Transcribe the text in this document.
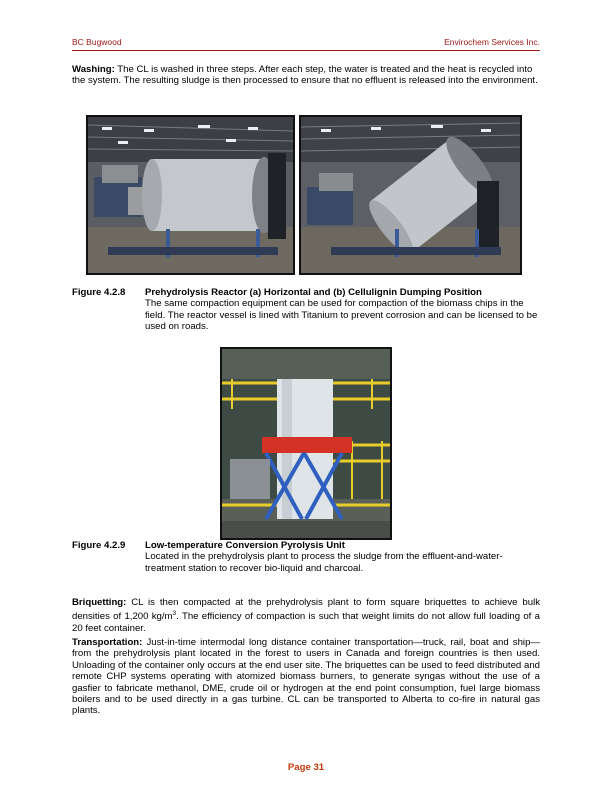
BC Bugwood	Envirochem Services Inc.
Washing: The CL is washed in three steps. After each step, the water is treated and the heat is recycled into the system. The resulting sludge is then processed to ensure that no effluent is released into the environment.
Figure 4.2.8 Prehydrolysis Reactor (a) Horizontal and (b) Cellulignin Dumping Position
The same compaction equipment can be used for compaction of the biomass chips in the field. The reactor vessel is lined with Titanium to prevent corrosion and can be licensed to be used on roads.
Figure 4.2.9 Low-temperature Conversion Pyrolysis Unit
Located in the prehydrolysis plant to process the sludge from the effluent-and-water-treatment station to recover bio-liquid and charcoal.
Briquetting: CL is then compacted at the prehydrolysis plant to form square briquettes to achieve bulk densities of 1,200 $kg/m^3$. The efficiency of compaction is such that weight limits do not allow full loading of a 20 feet container.
Transportation: Just-in-time intermodal long distance container transportation—truck, rail, boat and ship—from the prehydrolysis plant located in the forest to users in Canada and foreign countries is then used. Unloading of the container only occurs at the end user site. The briquettes can be used to feed distributed and remote CHP systems operating with atomized biomass burners, to generate syngas without the use of a gasfier to fabricate methanol, DME, crude oil or hydrogen at the end point consumption, fuel large biomass boilers and to be used directly in a gas turbine. CL can be transported to Alberta to co-fire in natural gas plants.
Page 31
